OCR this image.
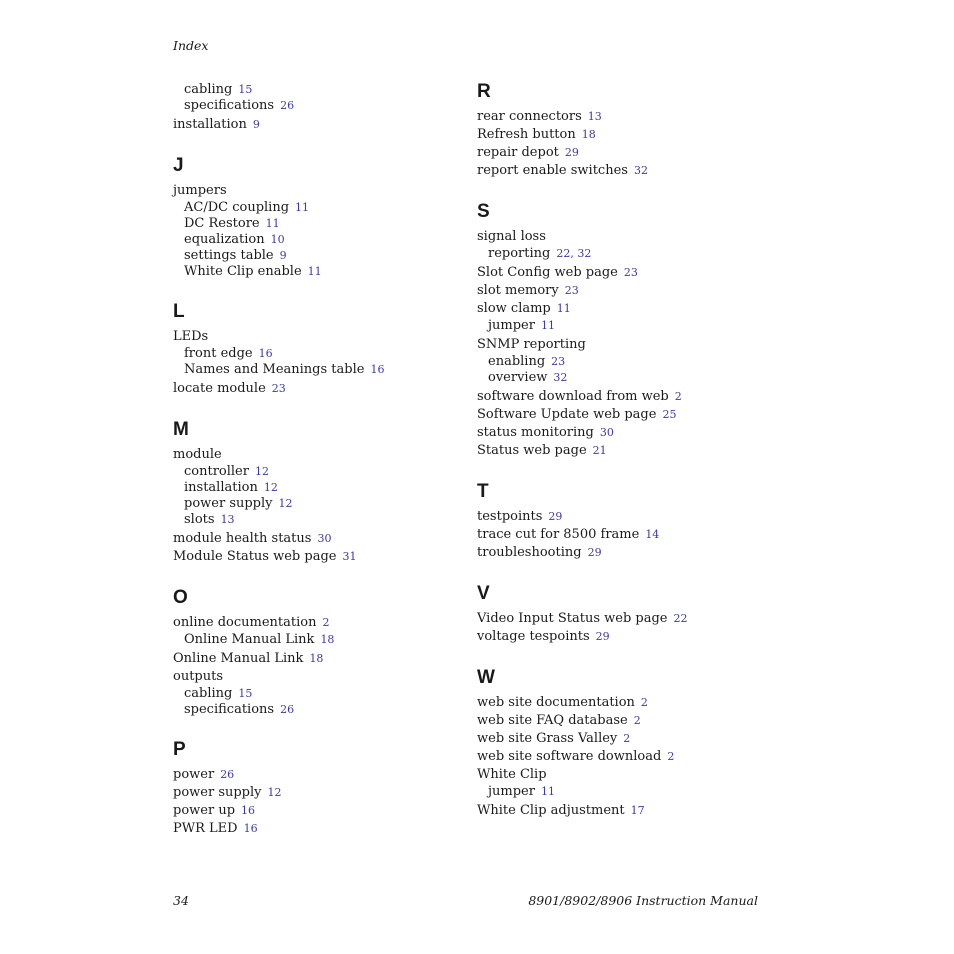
Index
cabling 15
specifications 26
installation 9
J
jumpers
AC/DC coupling 11
DC Restore 11
equalization 10
settings table 9
White Clip enable 11
L
LEDs
front edge 16
Names and Meanings table 16
locate module 23
M
module
controller 12
installation 12
power supply 12
slots 13
module health status 30
Module Status web page 31
O
online documentation 2
Online Manual Link 18
Online Manual Link 18
outputs
cabling 15
specifications 26
P
power 26
power supply 12
power up 16
PWR LED 16
R
rear connectors 13
Refresh button 18
repair depot 29
report enable switches 32
S
signal loss
reporting 22, 32
Slot Config web page 23
slot memory 23
slow clamp 11
jumper 11
SNMP reporting
enabling 23
overview 32
software download from web 2
Software Update web page 25
status monitoring 30
Status web page 21
T
testpoints 29
trace cut for 8500 frame 14
troubleshooting 29
V
Video Input Status web page 22
voltage tespoints 29
W
web site documentation 2
web site FAQ database 2
web site Grass Valley 2
web site software download 2
White Clip
jumper 11
White Clip adjustment 17
34	8901/8902/8906 Instruction Manual
